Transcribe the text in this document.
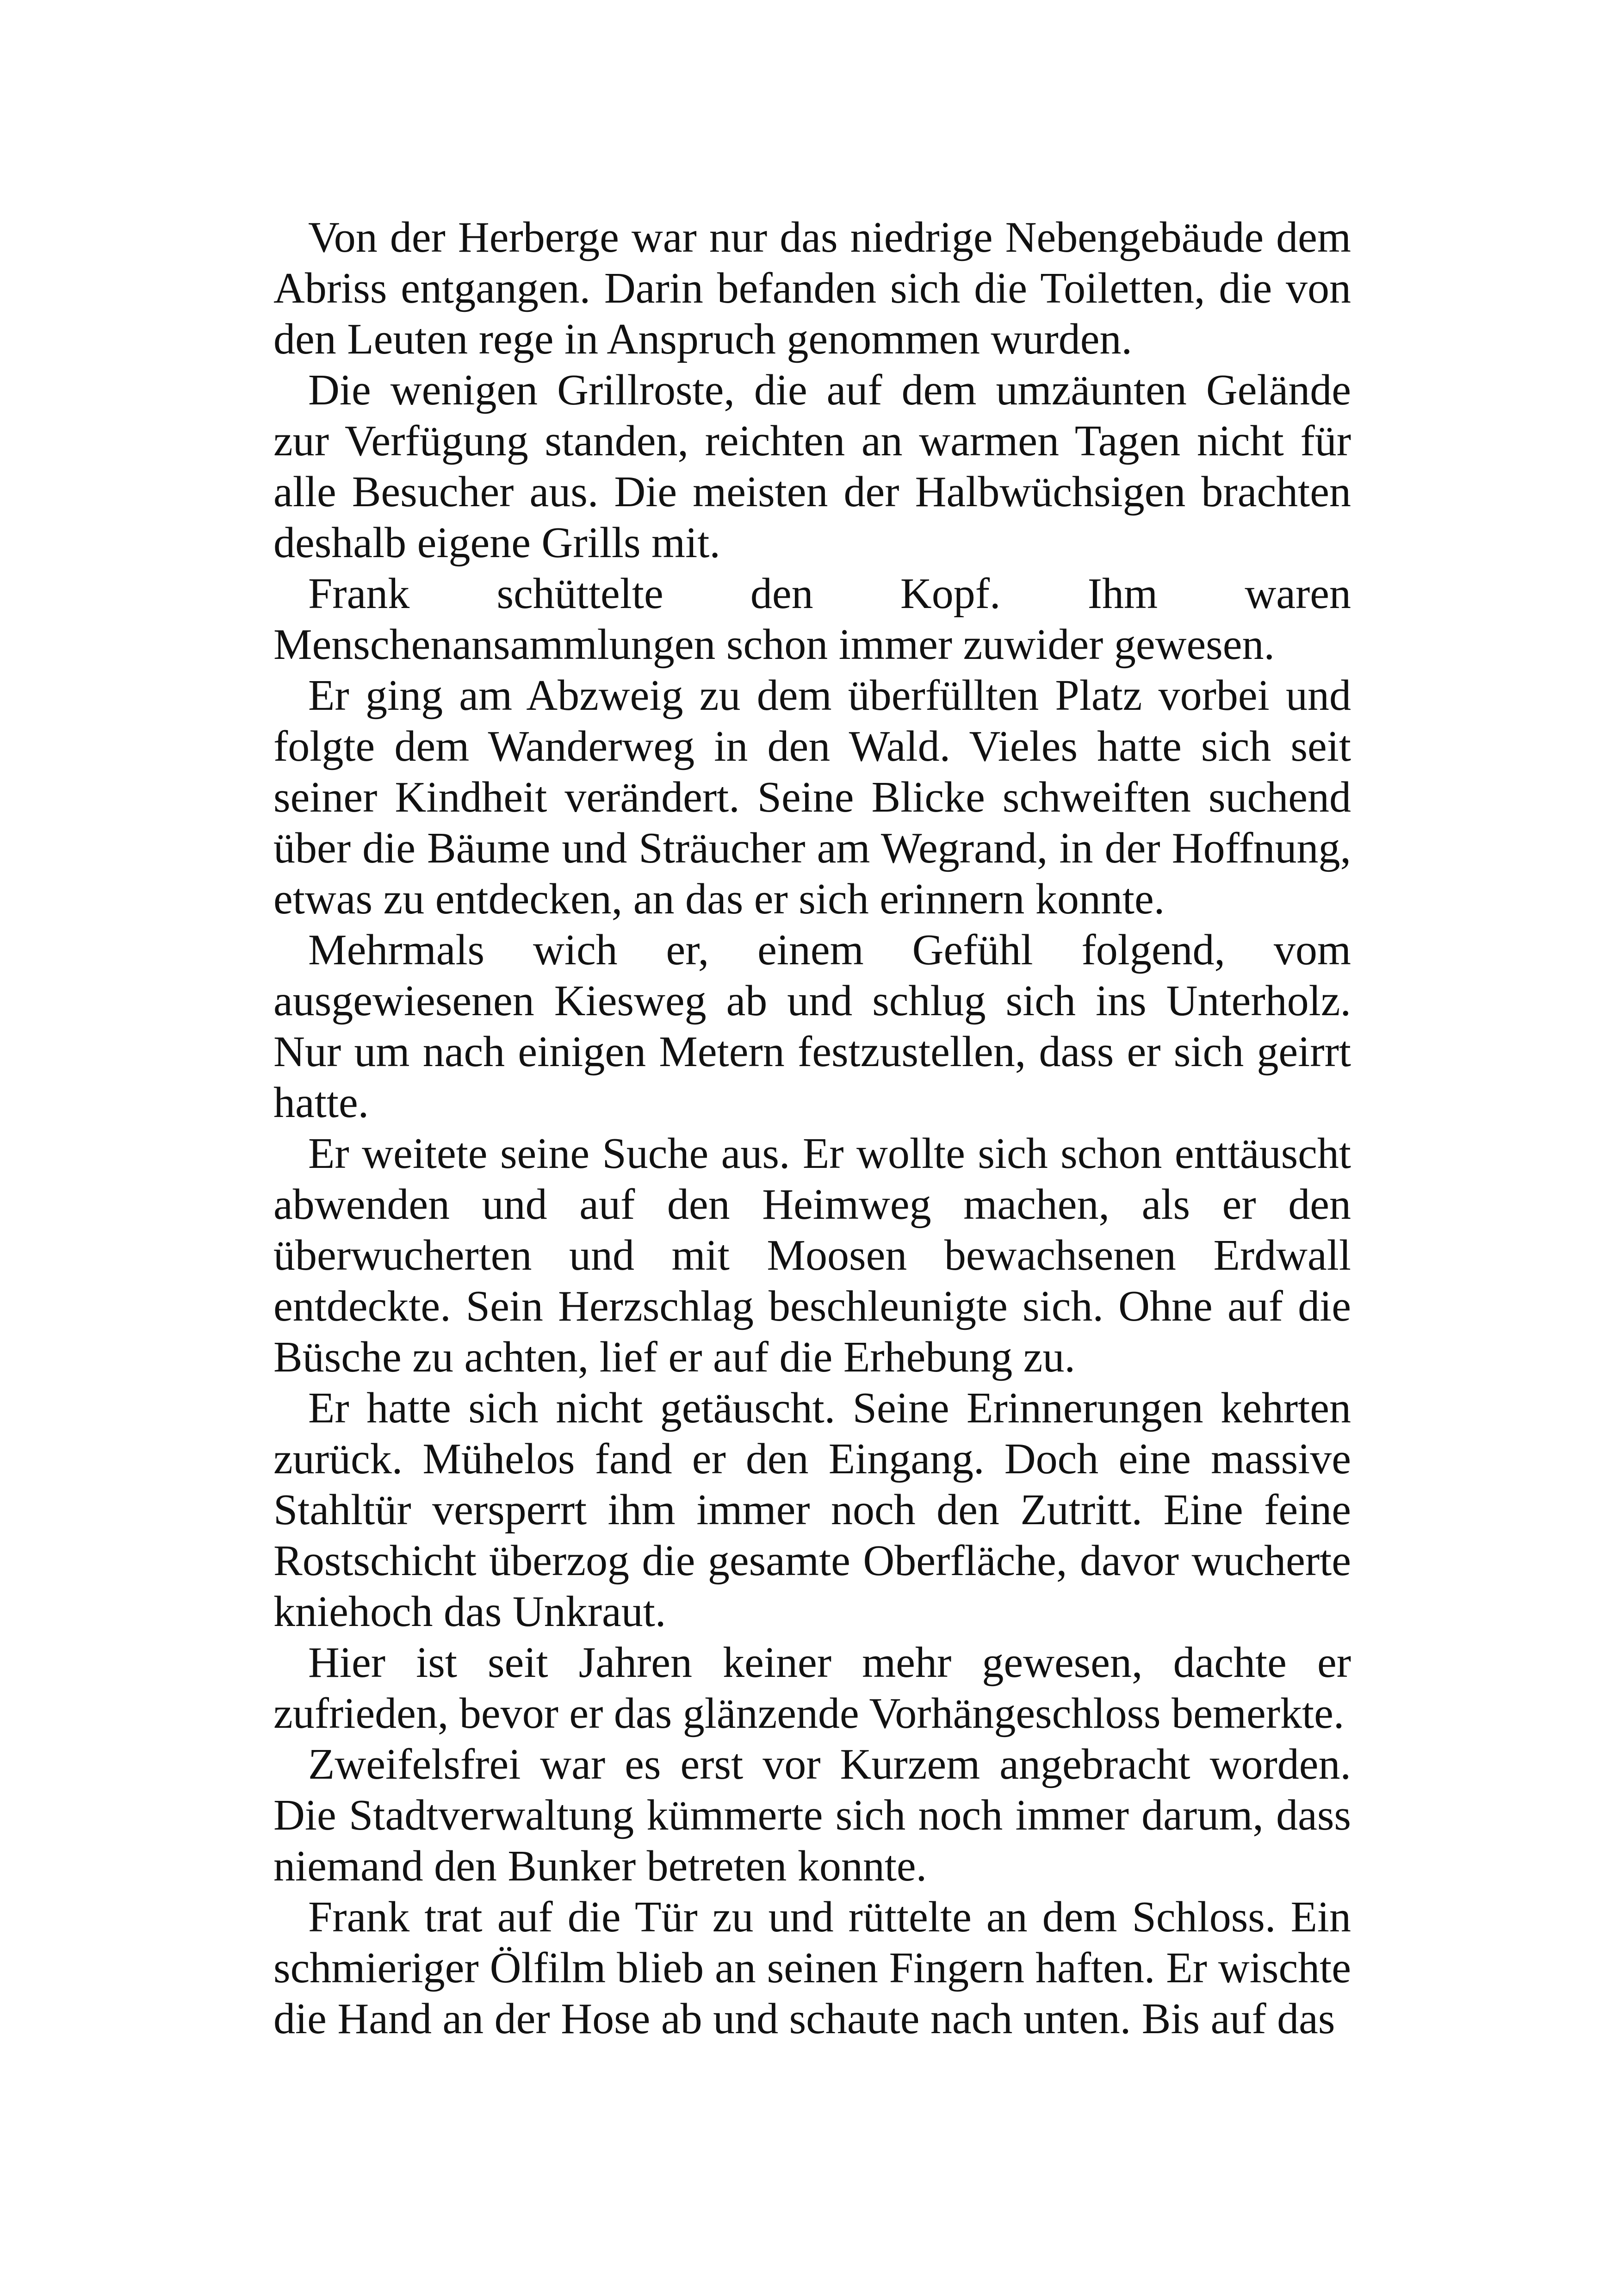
Von der Herberge war nur das niedrige Nebengebäude dem Abriss entgangen. Darin befanden sich die Toiletten, die von den Leuten rege in Anspruch genommen wurden.

Die wenigen Grillroste, die auf dem umzäunten Gelände zur Verfügung standen, reichten an warmen Tagen nicht für alle Besucher aus. Die meisten der Halbwüchsigen brachten deshalb eigene Grills mit.

Frank schüttelte den Kopf. Ihm waren Menschenansammlungen schon immer zuwider gewesen.

Er ging am Abzweig zu dem überfüllten Platz vorbei und folgte dem Wanderweg in den Wald. Vieles hatte sich seit seiner Kindheit verändert. Seine Blicke schweiften suchend über die Bäume und Sträucher am Wegrand, in der Hoffnung, etwas zu entdecken, an das er sich erinnern konnte.

Mehrmals wich er, einem Gefühl folgend, vom ausgewiesenen Kiesweg ab und schlug sich ins Unterholz. Nur um nach einigen Metern festzustellen, dass er sich geirrt hatte.

Er weitete seine Suche aus. Er wollte sich schon enttäuscht abwenden und auf den Heimweg machen, als er den überwucherten und mit Moosen bewachsenen Erdwall entdeckte. Sein Herzschlag beschleunigte sich. Ohne auf die Büsche zu achten, lief er auf die Erhebung zu.

Er hatte sich nicht getäuscht. Seine Erinnerungen kehrten zurück. Mühelos fand er den Eingang. Doch eine massive Stahltür versperrt ihm immer noch den Zutritt. Eine feine Rostschicht überzog die gesamte Oberfläche, davor wucherte kniehoch das Unkraut.

Hier ist seit Jahren keiner mehr gewesen, dachte er zufrieden, bevor er das glänzende Vorhängeschloss bemerkte.

Zweifelsfrei war es erst vor Kurzem angebracht worden. Die Stadtverwaltung kümmerte sich noch immer darum, dass niemand den Bunker betreten konnte.

Frank trat auf die Tür zu und rüttelte an dem Schloss. Ein schmieriger Ölfilm blieb an seinen Fingern haften. Er wischte die Hand an der Hose ab und schaute nach unten. Bis auf das
